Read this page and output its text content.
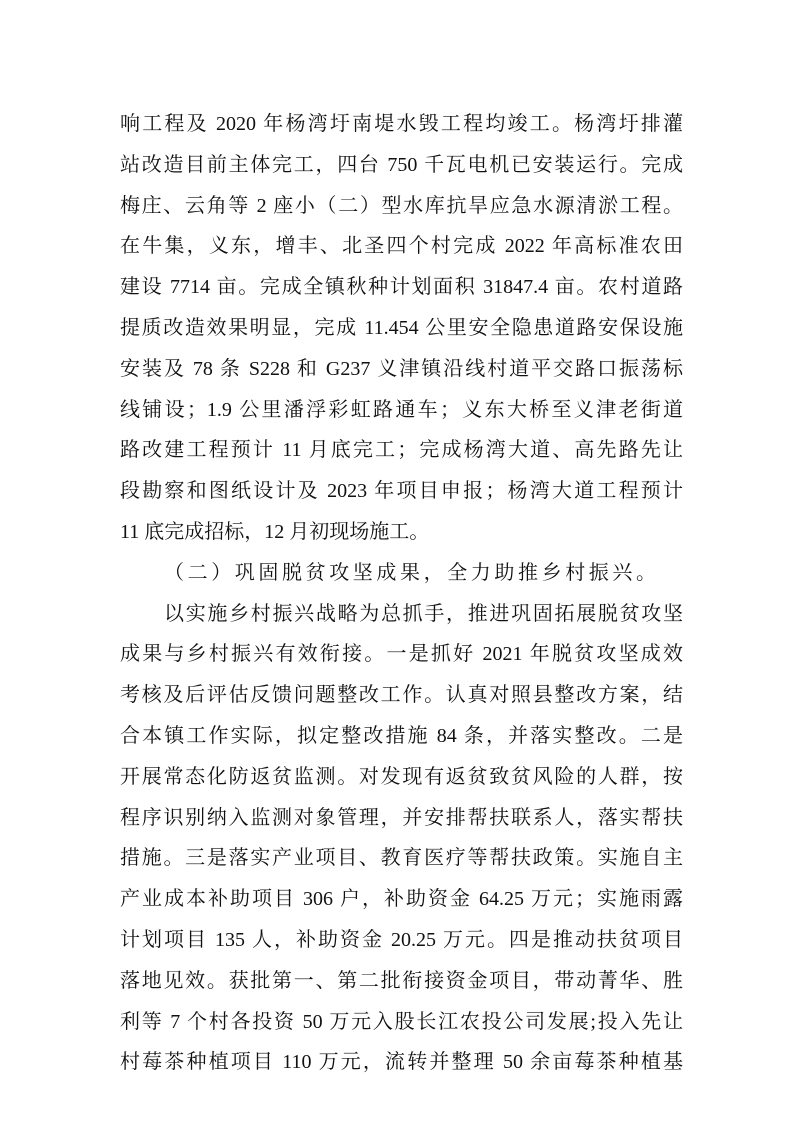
响工程及 2020 年杨湾圩南堤水毁工程均竣工。杨湾圩排灌
站改造目前主体完工，四台 750 千瓦电机已安装运行。完成
梅庄、云角等 2 座小（二）型水库抗旱应急水源清淤工程。
在牛集，义东，增丰、北圣四个村完成 2022 年高标准农田
建设 7714 亩。完成全镇秋种计划面积 31847.4 亩。农村道路
提质改造效果明显，完成 11.454 公里安全隐患道路安保设施
安装及 78 条 S228 和 G237 义津镇沿线村道平交路口振荡标
线铺设；1.9 公里潘浮彩虹路通车；义东大桥至义津老街道
路改建工程预计 11 月底完工；完成杨湾大道、高先路先让
段勘察和图纸设计及 2023 年项目申报；杨湾大道工程预计
11 底完成招标，12 月初现场施工。
（二）巩固脱贫攻坚成果，全力助推乡村振兴。
以实施乡村振兴战略为总抓手，推进巩固拓展脱贫攻坚
成果与乡村振兴有效衔接。一是抓好 2021 年脱贫攻坚成效
考核及后评估反馈问题整改工作。认真对照县整改方案，结
合本镇工作实际，拟定整改措施 84 条，并落实整改。二是
开展常态化防返贫监测。对发现有返贫致贫风险的人群，按
程序识别纳入监测对象管理，并安排帮扶联系人，落实帮扶
措施。三是落实产业项目、教育医疗等帮扶政策。实施自主
产业成本补助项目 306 户，补助资金 64.25 万元；实施雨露
计划项目 135 人，补助资金 20.25 万元。四是推动扶贫项目
落地见效。获批第一、第二批衔接资金项目，带动菁华、胜
利等 7 个村各投资 50 万元入股长江农投公司发展;投入先让
村莓茶种植项目 110 万元，流转并整理 50 余亩莓茶种植基
